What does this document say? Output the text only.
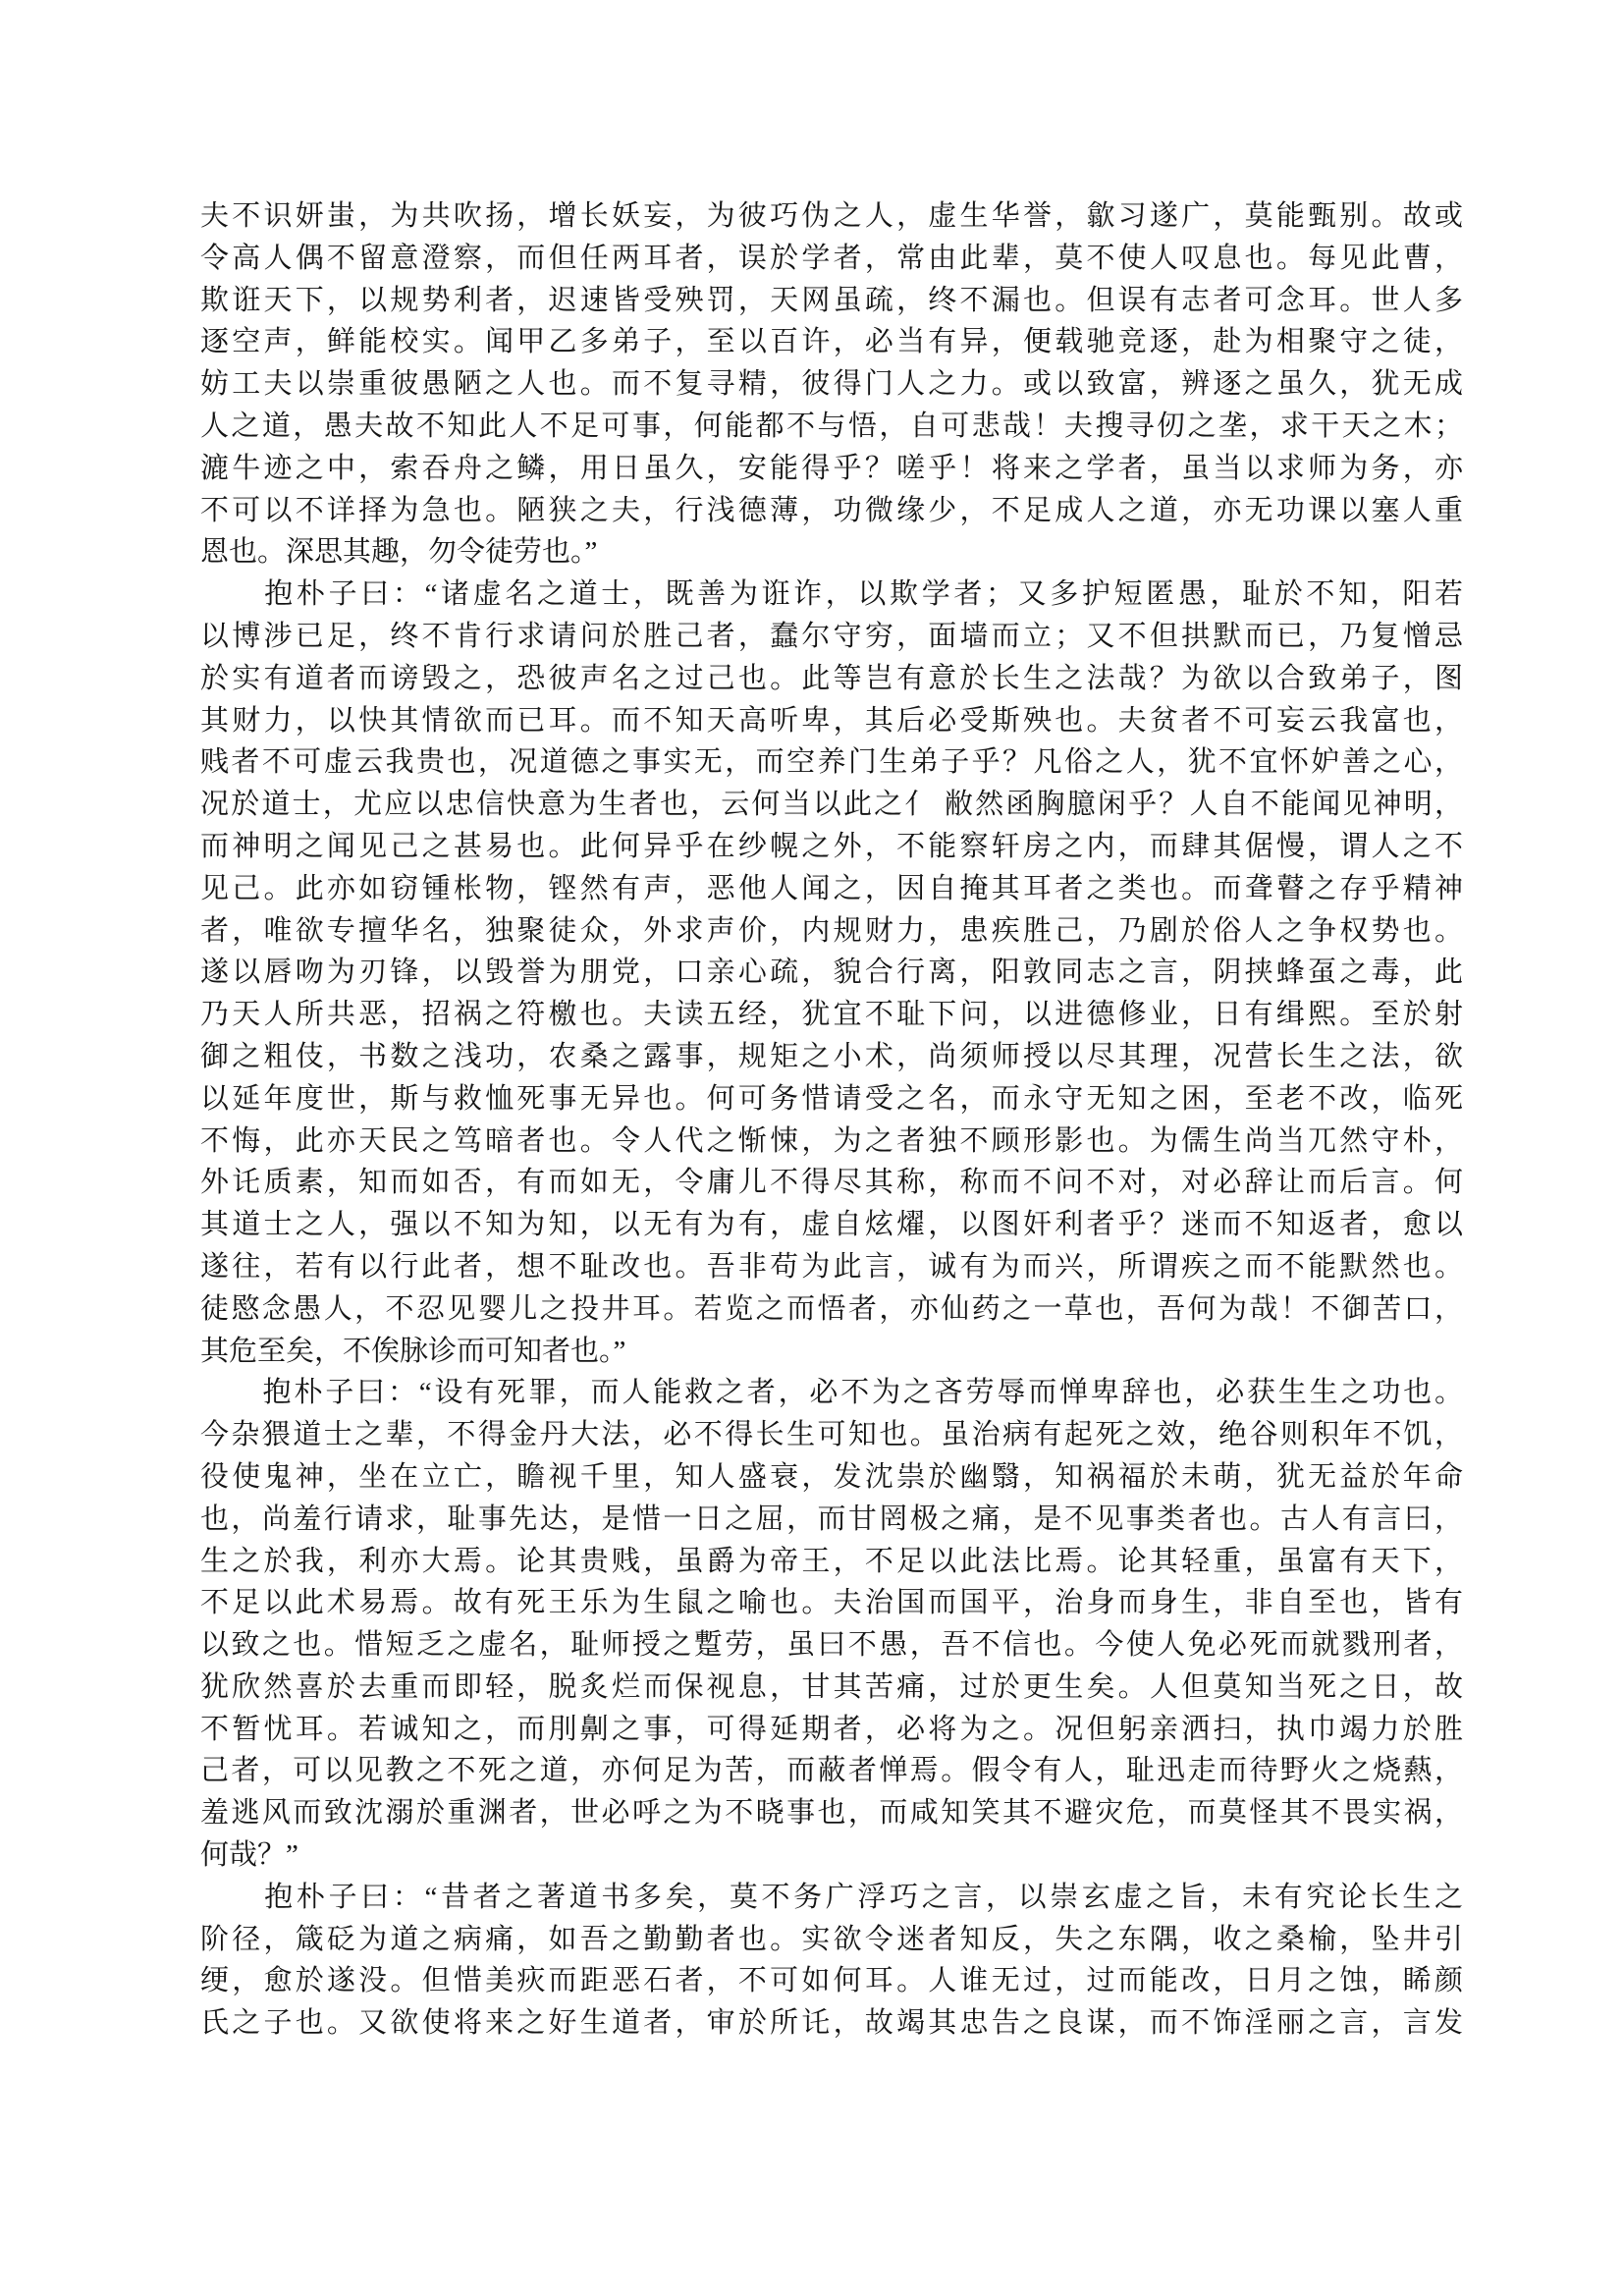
夫不识妍蚩，为共吹扬，增长妖妄，为彼巧伪之人，虚生华誉，歙习遂广，莫能甄别。故或
令高人偶不留意澄察，而但任两耳者，误於学者，常由此辈，莫不使人叹息也。每见此曹，
欺诳天下，以规势利者，迟速皆受殃罚，天网虽疏，终不漏也。但误有志者可念耳。世人多
逐空声，鲜能校实。闻甲乙多弟子，至以百许，必当有异，便载驰竞逐，赴为相聚守之徒，
妨工夫以崇重彼愚陋之人也。而不复寻精，彼得门人之力。或以致富，辨逐之虽久，犹无成
人之道，愚夫故不知此人不足可事，何能都不与悟，自可悲哉！夫搜寻仞之垄，求干天之木；
漉牛迹之中，索吞舟之鳞，用日虽久，安能得乎？嗟乎！将来之学者，虽当以求师为务，亦
不可以不详择为急也。陋狭之夫，行浅德薄，功微缘少，不足成人之道，亦无功课以塞人重
恩也。深思其趣，勿令徒劳也。”
　　抱朴子曰：“诸虚名之道士，既善为诳诈，以欺学者；又多护短匿愚，耻於不知，阳若
以博涉已足，终不肯行求请问於胜己者，蠢尔守穷，面墙而立；又不但拱默而已，乃复憎忌
於实有道者而谤毁之，恐彼声名之过己也。此等岂有意於长生之法哉？为欲以合致弟子，图
其财力，以快其情欲而已耳。而不知天高听卑，其后必受斯殃也。夫贫者不可妄云我富也，
贱者不可虚云我贵也，况道德之事实无，而空养门生弟子乎？凡俗之人，犹不宜怀妒善之心，
况於道士，尤应以忠信快意为生者也，云何当以此之亻 敝然函胸臆闲乎？人自不能闻见神明，
而神明之闻见己之甚易也。此何异乎在纱幌之外，不能察轩房之内，而肆其倨慢，谓人之不
见己。此亦如窃锺枨物，铿然有声，恶他人闻之，因自掩其耳者之类也。而聋瞽之存乎精神
者，唯欲专擅华名，独聚徒众，外求声价，内规财力，患疾胜己，乃剧於俗人之争权势也。
遂以唇吻为刃锋，以毁誉为朋党，口亲心疏，貌合行离，阳敦同志之言，阴挟蜂虿之毒，此
乃天人所共恶，招祸之符檄也。夫读五经，犹宜不耻下问，以进德修业，日有缉熙。至於射
御之粗伎，书数之浅功，农桑之露事，规矩之小术，尚须师授以尽其理，况营长生之法，欲
以延年度世，斯与救恤死事无异也。何可务惜请受之名，而永守无知之困，至老不改，临死
不悔，此亦天民之笃暗者也。令人代之惭悚，为之者独不顾形影也。为儒生尚当兀然守朴，
外讬质素，知而如否，有而如无，令庸儿不得尽其称，称而不问不对，对必辞让而后言。何
其道士之人，强以不知为知，以无有为有，虚自炫燿，以图奸利者乎？迷而不知返者，愈以
遂往，若有以行此者，想不耻改也。吾非苟为此言，诚有为而兴，所谓疾之而不能默然也。
徒愍念愚人，不忍见婴儿之投井耳。若览之而悟者，亦仙药之一草也，吾何为哉！不御苦口，
其危至矣，不俟脉诊而可知者也。”
　　抱朴子曰：“设有死罪，而人能救之者，必不为之吝劳辱而惮卑辞也，必获生生之功也。
今杂猥道士之辈，不得金丹大法，必不得长生可知也。虽治病有起死之效，绝谷则积年不饥，
役使鬼神，坐在立亡，瞻视千里，知人盛衰，发沈祟於幽翳，知祸福於未萌，犹无益於年命
也，尚羞行请求，耻事先达，是惜一日之屈，而甘罔极之痛，是不见事类者也。古人有言曰，
生之於我，利亦大焉。论其贵贱，虽爵为帝王，不足以此法比焉。论其轻重，虽富有天下，
不足以此术易焉。故有死王乐为生鼠之喻也。夫治国而国平，治身而身生，非自至也，皆有
以致之也。惜短乏之虚名，耻师授之蹔劳，虽曰不愚，吾不信也。今使人免必死而就戮刑者，
犹欣然喜於去重而即轻，脱炙烂而保视息，甘其苦痛，过於更生矣。人但莫知当死之日，故
不暂忧耳。若诚知之，而刖劓之事，可得延期者，必将为之。况但躬亲洒扫，执巾竭力於胜
己者，可以见教之不死之道，亦何足为苦，而蔽者惮焉。假令有人，耻迅走而待野火之烧爇，
羞逃风而致沈溺於重渊者，世必呼之为不晓事也，而咸知笑其不避灾危，而莫怪其不畏实祸，
何哉？”
　　抱朴子曰：“昔者之著道书多矣，莫不务广浮巧之言，以崇玄虚之旨，未有究论长生之
阶径，箴砭为道之病痛，如吾之勤勤者也。实欲令迷者知反，失之东隅，收之桑榆，坠井引
绠，愈於遂没。但惜美疢而距恶石者，不可如何耳。人谁无过，过而能改，日月之蚀，睎颜
氏之子也。又欲使将来之好生道者，审於所讬，故竭其忠告之良谋，而不饰淫丽之言，言发
